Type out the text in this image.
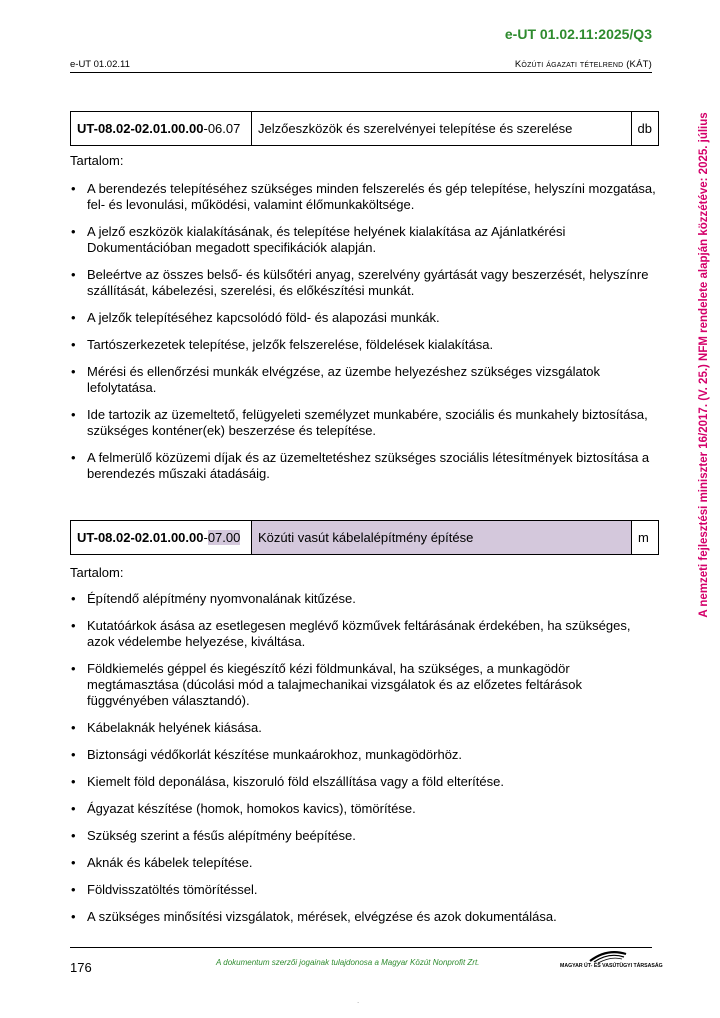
e-UT 01.02.11:2025/Q3
e-UT 01.02.11	Közúti ágazati tételrend (KÁT)
A nemzeti fejlesztési miniszter 16/2017. (V. 25.) NFM rendelete alapján közzétéve: 2025. július
UT-08.02-02.01.00.00-06.07	Jelzőeszközök és szerelvényei telepítése és szerelése	db
Tartalom:
• A berendezés telepítéséhez szükséges minden felszerelés és gép telepítése, helyszíni mozgatása, fel- és levonulási, működési, valamint élőmunkaköltsége.
• A jelző eszközök kialakításának, és telepítése helyének kialakítása az Ajánlatkérési Dokumentációban megadott specifikációk alapján.
• Beleértve az összes belső- és külsőtéri anyag, szerelvény gyártását vagy beszerzését, helyszínre szállítását, kábelezési, szerelési, és előkészítési munkát.
• A jelzők telepítéséhez kapcsolódó föld- és alapozási munkák.
• Tartószerkezetek telepítése, jelzők felszerelése, földelések kialakítása.
• Mérési és ellenőrzési munkák elvégzése, az üzembe helyezéshez szükséges vizsgálatok lefolytatása.
• Ide tartozik az üzemeltető, felügyeleti személyzet munkabére, szociális és munkahely biztosítása, szükséges konténer(ek) beszerzése és telepítése.
• A felmerülő közüzemi díjak és az üzemeltetéshez szükséges szociális létesítmények biztosítása a berendezés műszaki átadásáig.
UT-08.02-02.01.00.00-07.00	Közúti vasút kábelalépítmény építése	m
Tartalom:
• Építendő alépítmény nyomvonalának kitűzése.
• Kutatóárkok ásása az esetlegesen meglévő közművek feltárásának érdekében, ha szükséges, azok védelembe helyezése, kiváltása.
• Földkiemelés géppel és kiegészítő kézi földmunkával, ha szükséges, a munkagödör megtámasztása (dúcolási mód a talajmechanikai vizsgálatok és az előzetes feltárások függvényében választandó).
• Kábelaknák helyének kiásása.
• Biztonsági védőkorlát készítése munkaárokhoz, munkagödörhöz.
• Kiemelt föld deponálása, kiszoruló föld elszállítása vagy a föld elterítése.
• Ágyazat készítése (homok, homokos kavics), tömörítése.
• Szükség szerint a fésűs alépítmény beépítése.
• Aknák és kábelek telepítése.
• Földvisszatöltés tömörítéssel.
• A szükséges minősítési vizsgálatok, mérések, elvégzése és azok dokumentálása.
176	A dokumentum szerzői jogainak tulajdonosa a Magyar Közút Nonprofit Zrt.	MAGYAR ÚT- ÉS VASÚTÜGYI TÁRSASÁG
.
